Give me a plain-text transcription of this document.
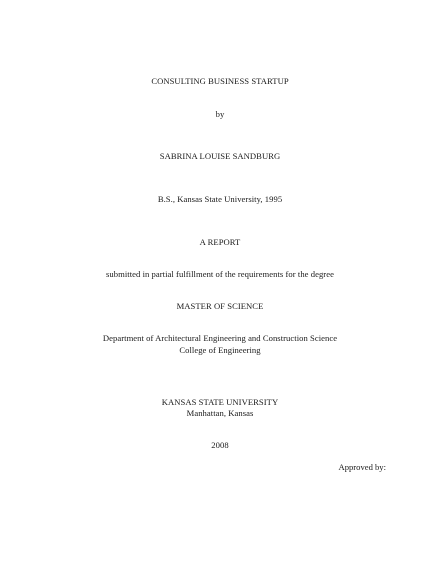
CONSULTING BUSINESS STARTUP
by
SABRINA LOUISE SANDBURG
B.S., Kansas State University, 1995
A REPORT
submitted in partial fulfillment of the requirements for the degree
MASTER OF SCIENCE
Department of Architectural Engineering and Construction Science
College of Engineering
KANSAS STATE UNIVERSITY
Manhattan, Kansas
2008
Approved by:
